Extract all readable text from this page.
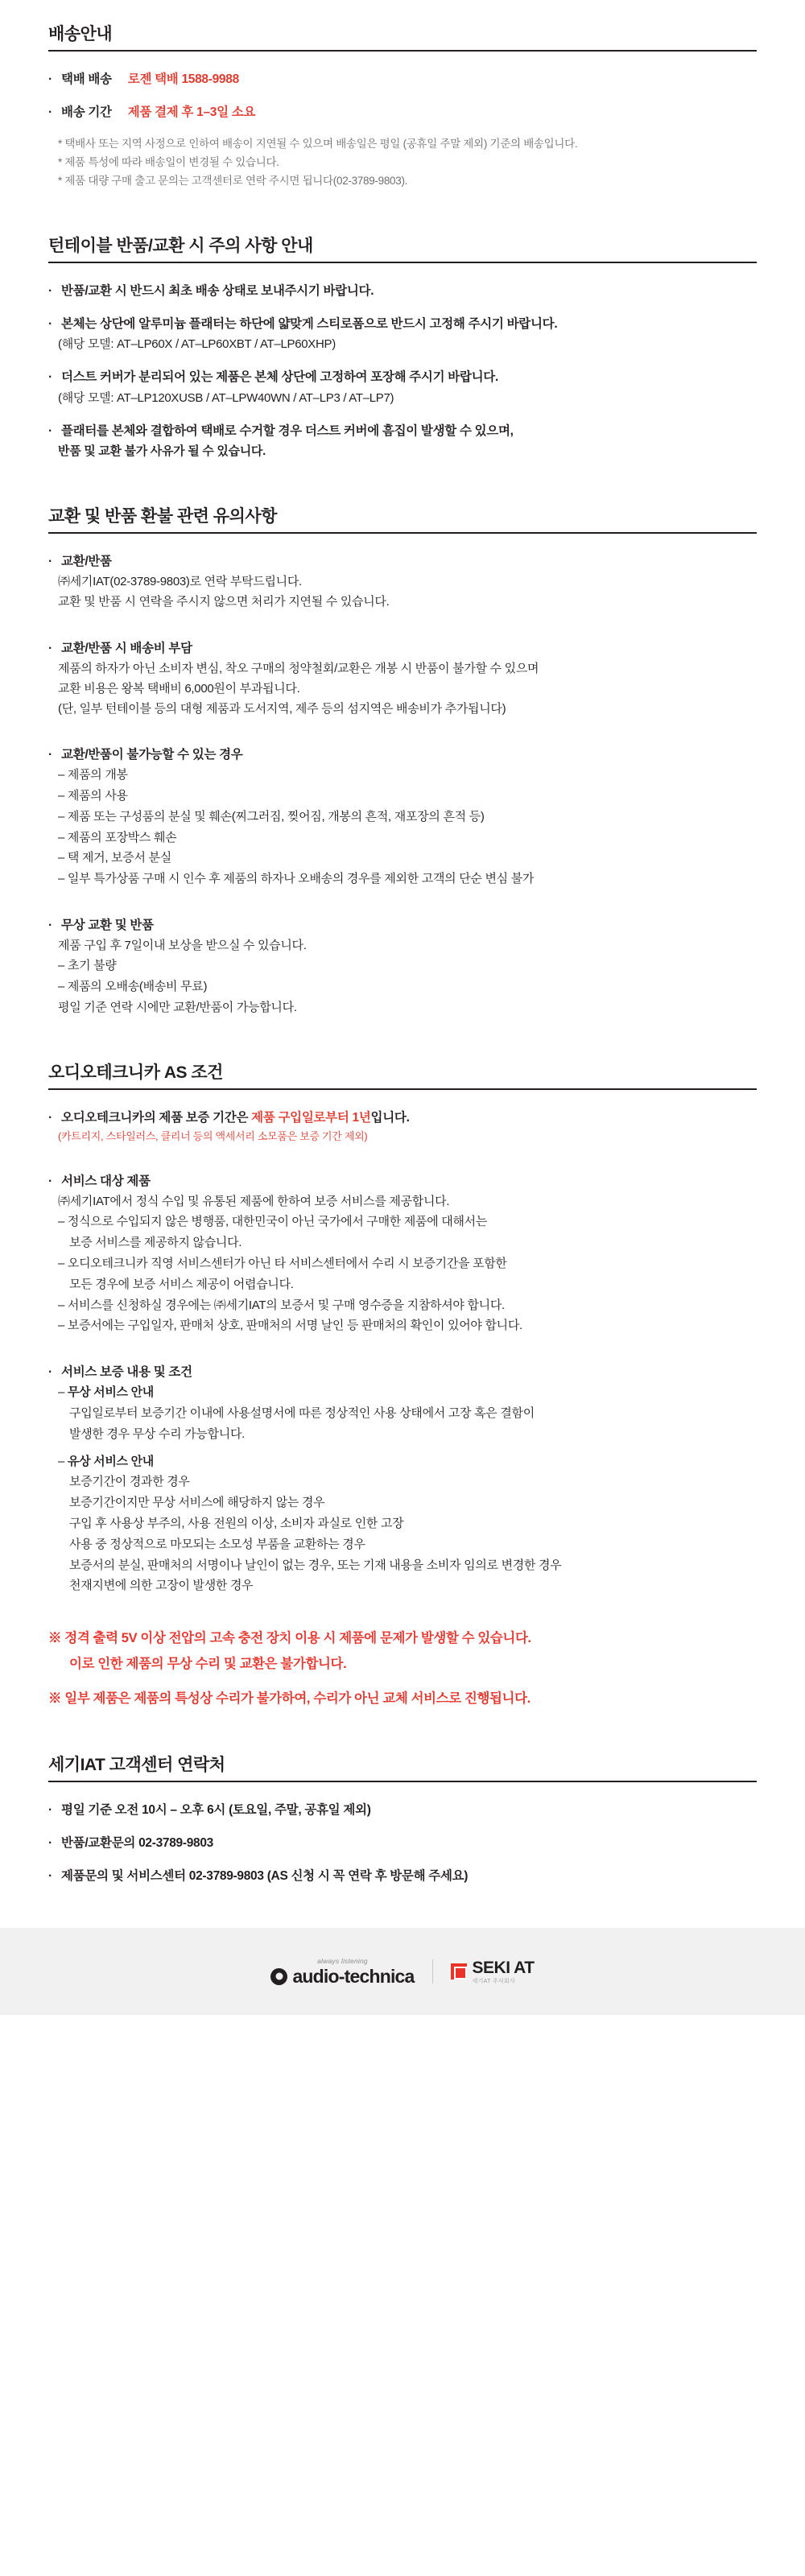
배송안내
· 택배 배송 로젠 택배 1588-9988
· 배송 기간 제품 결제 후 1–3일 소요
* 택배사 또는 지역 사정으로 인하여 배송이 지연될 수 있으며 배송일은 평일 (공휴일 주말 제외) 기준의 배송입니다.
* 제품 특성에 따라 배송일이 변경될 수 있습니다.
* 제품 대량 구매 출고 문의는 고객센터로 연락 주시면 됩니다(02-3789-9803).
턴테이블 반품/교환 시 주의 사항 안내
· 반품/교환 시 반드시 최초 배송 상태로 보내주시기 바랍니다.
· 본체는 상단에 알루미늄 플래터는 하단에 얇맞게 스티로폼으로 반드시 고정해 주시기 바랍니다.
(해당 모델: AT–LP60X / AT–LP60XBT / AT–LP60XHP)
· 더스트 커버가 분리되어 있는 제품은 본체 상단에 고정하여 포장해 주시기 바랍니다.
(해당 모델: AT–LP120XUSB / AT–LPW40WN / AT–LP3 / AT–LP7)
· 플래터를 본체와 결합하여 택배로 수거할 경우 더스트 커버에 흠집이 발생할 수 있으며,
반품 및 교환 불가 사유가 될 수 있습니다.
교환 및 반품 환불 관련 유의사항
· 교환/반품
㈜세기IAT(02-3789-9803)로 연락 부탁드립니다.
교환 및 반품 시 연락을 주시지 않으면 처리가 지연될 수 있습니다.
· 교환/반품 시 배송비 부담
제품의 하자가 아닌 소비자 변심, 착오 구매의 청약철회/교환은 개봉 시 반품이 불가할 수 있으며
교환 비용은 왕복 택배비 6,000원이 부과됩니다.
(단, 일부 턴테이블 등의 대형 제품과 도서지역, 제주 등의 섬지역은 배송비가 추가됩니다)
· 교환/반품이 불가능할 수 있는 경우
– 제품의 개봉
– 제품의 사용
– 제품 또는 구성품의 분실 및 훼손(찌그러짐, 찢어짐, 개봉의 흔적, 재포장의 흔적 등)
– 제품의 포장박스 훼손
– 택 제거, 보증서 분실
– 일부 특가상품 구매 시 인수 후 제품의 하자나 오배송의 경우를 제외한 고객의 단순 변심 불가
· 무상 교환 및 반품
제품 구입 후 7일이내 보상을 받으실 수 있습니다.
– 초기 불량
– 제품의 오배송(배송비 무료)
평일 기준 연락 시에만 교환/반품이 가능합니다.
오디오테크니카 AS 조건
· 오디오테크니카의 제품 보증 기간은 제품 구입일로부터 1년입니다.
(카트리지, 스타일러스, 클리너 등의 액세서리 소모품은 보증 기간 제외)
· 서비스 대상 제품
㈜세기IAT에서 정식 수입 및 유통된 제품에 한하여 보증 서비스를 제공합니다.
– 정식으로 수입되지 않은 병행품, 대한민국이 아닌 국가에서 구매한 제품에 대해서는
보증 서비스를 제공하지 않습니다.
– 오디오테크니카 직영 서비스센터가 아닌 타 서비스센터에서 수리 시 보증기간을 포함한
모든 경우에 보증 서비스 제공이 어렵습니다.
– 서비스를 신청하실 경우에는 ㈜세기IAT의 보증서 및 구매 영수증을 지참하셔야 합니다.
– 보증서에는 구입일자, 판매처 상호, 판매처의 서명 날인 등 판매처의 확인이 있어야 합니다.
· 서비스 보증 내용 및 조건
– 무상 서비스 안내
구입일로부터 보증기간 이내에 사용설명서에 따른 정상적인 사용 상태에서 고장 혹은 결함이
발생한 경우 무상 수리 가능합니다.
– 유상 서비스 안내
보증기간이 경과한 경우
보증기간이지만 무상 서비스에 해당하지 않는 경우
구입 후 사용상 부주의, 사용 전원의 이상, 소비자 과실로 인한 고장
사용 중 정상적으로 마모되는 소모성 부품을 교환하는 경우
보증서의 분실, 판매처의 서명이나 날인이 없는 경우, 또는 기재 내용을 소비자 임의로 변경한 경우
천재지변에 의한 고장이 발생한 경우
※ 정격 출력 5V 이상 전압의 고속 충전 장치 이용 시 제품에 문제가 발생할 수 있습니다.
이로 인한 제품의 무상 수리 및 교환은 불가합니다.
※ 일부 제품은 제품의 특성상 수리가 불가하여, 수리가 아닌 교체 서비스로 진행됩니다.
세기IAT 고객센터 연락처
· 평일 기준 오전 10시 – 오후 6시 (토요일, 주말, 공휴일 제외)
· 반품/교환문의 02-3789-9803
· 제품문의 및 서비스센터 02-3789-9803 (AS 신청 시 꼭 연락 후 방문해 주세요)
always listening
audio-technica	SEKI AT
세기AT 주식회사
